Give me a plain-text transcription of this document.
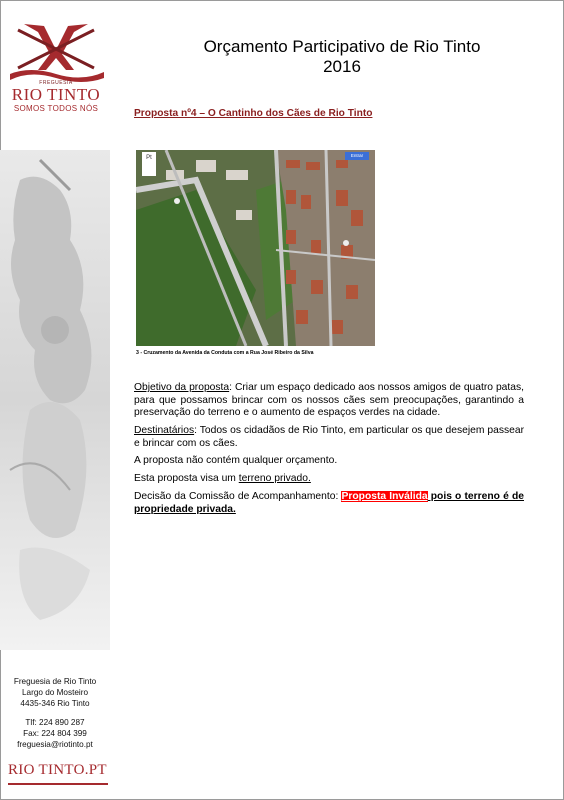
FREGUESIA
RIO TINTO
SOMOS TODOS NÓS
Freguesia de Rio Tinto
Largo do Mosteiro
4435-346 Rio Tinto
Tlf: 224 890 287
Fax: 224 804 399
freguesia@riotinto.pt
RIO TINTO.PT
Orçamento Participativo de Rio Tinto
2016
Proposta nº4 – O Cantinho dos Cães de Rio Tinto
Pt	Entrar
3 - Cruzamento da Avenida da Conduta com a Rua José Ribeiro da Silva

Objetivo da proposta: Criar um espaço dedicado aos nossos amigos de quatro patas, para que possamos brincar com os nossos cães sem preocupações, garantindo a preservação do terreno e o aumento de espaços verdes na cidade.

Destinatários: Todos os cidadãos de Rio Tinto, em particular os que desejem passear e brincar com os cães.

A proposta não contém qualquer orçamento.

Esta proposta visa um terreno privado.

Decisão da Comissão de Acompanhamento: Proposta Inválida pois o terreno é de propriedade privada.
